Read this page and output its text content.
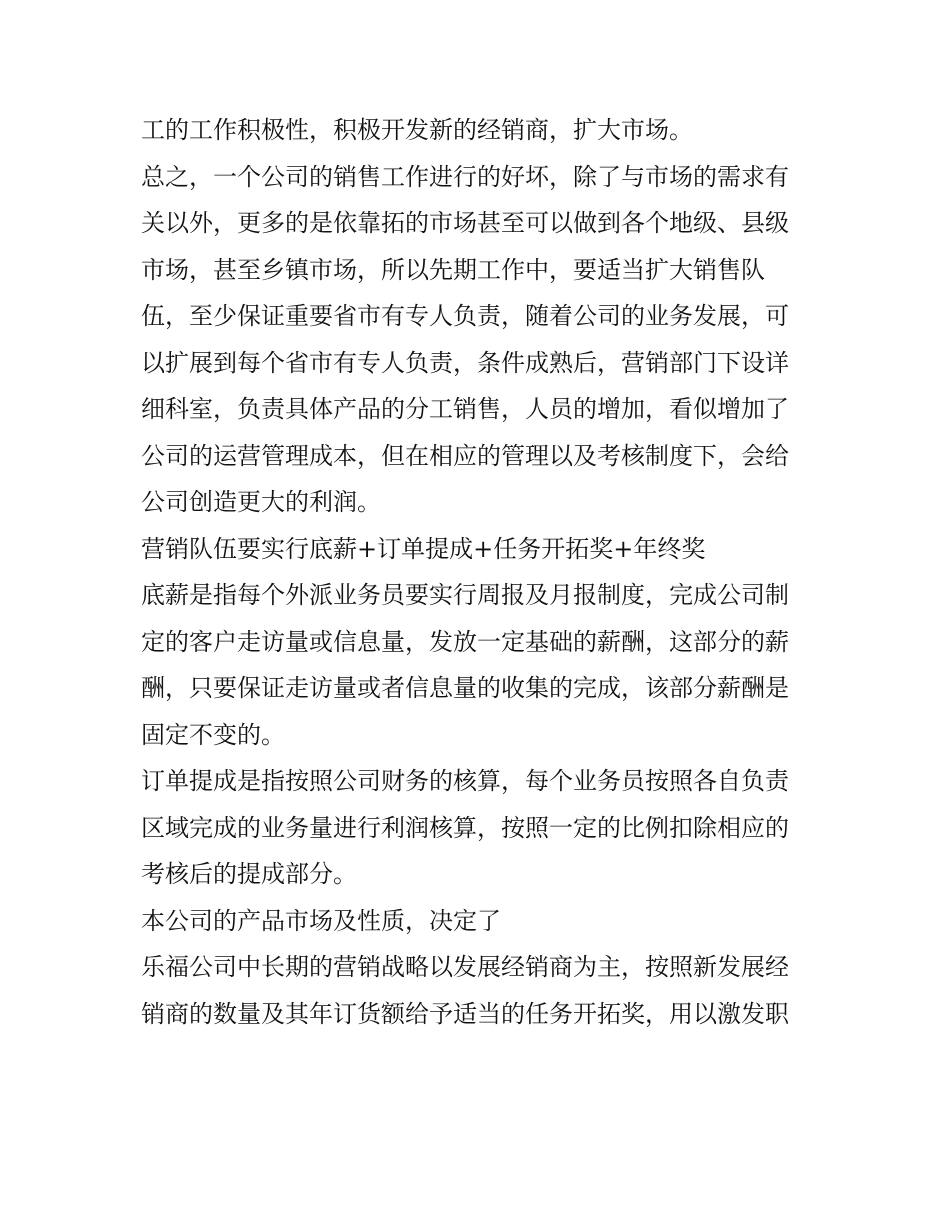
工的工作积极性，积极开发新的经销商，扩大市场。

总之，一个公司的销售工作进行的好坏，除了与市场的需求有

关以外，更多的是依靠拓的市场甚至可以做到各个地级、县级

市场，甚至乡镇市场，所以先期工作中，要适当扩大销售队

伍，至少保证重要省市有专人负责，随着公司的业务发展，可

以扩展到每个省市有专人负责，条件成熟后，营销部门下设详

细科室，负责具体产品的分工销售，人员的增加，看似增加了

公司的运营管理成本，但在相应的管理以及考核制度下，会给

公司创造更大的利润。

营销队伍要实行底薪+订单提成+任务开拓奖+年终奖

底薪是指每个外派业务员要实行周报及月报制度，完成公司制

定的客户走访量或信息量，发放一定基础的薪酬，这部分的薪

酬，只要保证走访量或者信息量的收集的完成，该部分薪酬是

固定不变的。

订单提成是指按照公司财务的核算，每个业务员按照各自负责

区域完成的业务量进行利润核算，按照一定的比例扣除相应的

考核后的提成部分。

本公司的产品市场及性质，决定了

乐福公司中长期的营销战略以发展经销商为主，按照新发展经

销商的数量及其年订货额给予适当的任务开拓奖，用以激发职
